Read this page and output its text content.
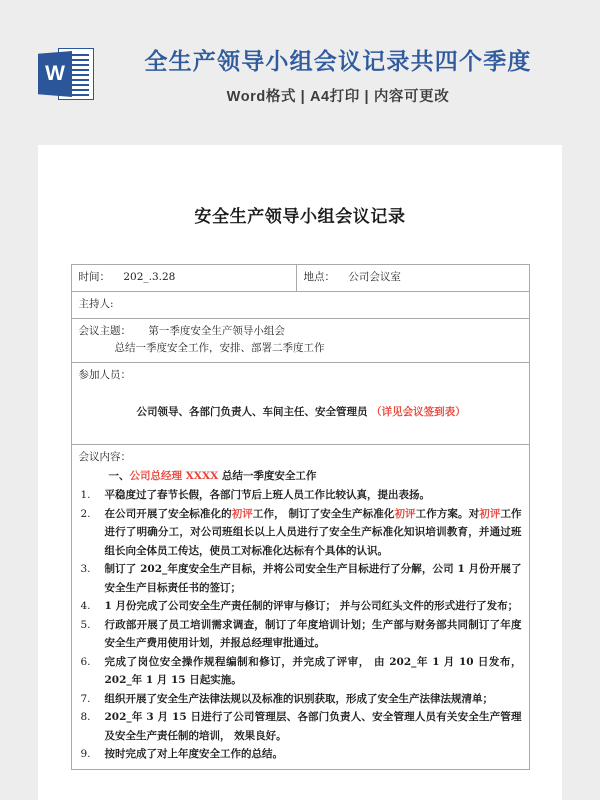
W	全生产领导小组会议记录共四个季度
Word格式 | A4打印 | 内容可更改
安全生产领导小组会议记录
时间： 202_.3.28	地点： 公司会议室
主持人:

会议主题： 第一季度安全生产领导小组会
总结一季度安全工作，安排、部署二季度工作

参加人员：
公司领导、各部门负责人、车间主任、安全管理员 （详见会议签到表）

会议内容：
一、公司总经理 XXXX 总结一季度安全工作
1.	平稳度过了春节长假，各部门节后上班人员工作比较认真，提出表扬。
2.	在公司开展了安全标准化的初评工作， 制订了安全生产标准化初评工作方案。对初评工作进行了明确分工，对公司班组长以上人员进行了安全生产标准化知识培训教育，并通过班组长向全体员工传达，使员工对标准化达标有个具体的认识。
3.	制订了 202_年度安全生产目标，并将公司安全生产目标进行了分解，公司 1 月份开展了安全生产目标责任书的签订；
4.	1 月份完成了公司安全生产责任制的评审与修订； 并与公司红头文件的形式进行了发布；
5.	行政部开展了员工培训需求调查，制订了年度培训计划；生产部与财务部共同制订了年度安全生产费用使用计划，并报总经理审批通过。
6.	完成了岗位安全操作规程编制和修订，并完成了评审， 由 202_年 1 月 10 日发布，202_年 1 月 15 日起实施。
7.	组织开展了安全生产法律法规以及标准的识别获取，形成了安全生产法律法规清单；
8.	202_年 3 月 15 日进行了公司管理层、各部门负责人、安全管理人员有关安全生产管理及安全生产责任制的培训， 效果良好。
9.	按时完成了对上年度安全工作的总结。
